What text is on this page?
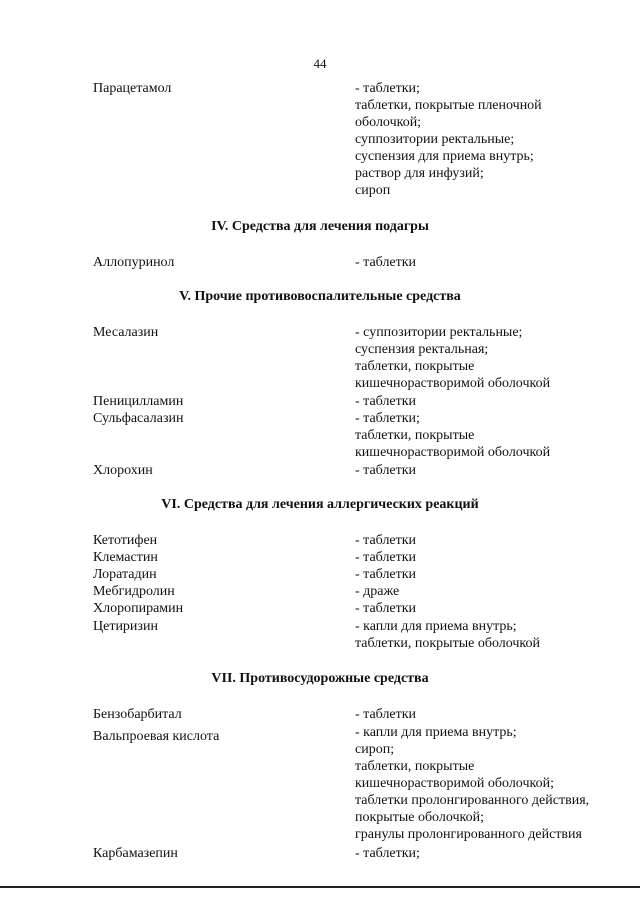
44
Парацетамол	- таблетки;
таблетки, покрытые пленочной
оболочкой;
суппозитории ректальные;
суспензия для приема внутрь;
раствор для инфузий;
сироп
IV. Средства для лечения подагры
Аллопуринол	- таблетки
V. Прочие противовоспалительные средства
Месалазин	- суппозитории ректальные;
суспензия ректальная;
таблетки, покрытые
кишечнорастворимой оболочкой
Пеницилламин	- таблетки
Сульфасалазин	- таблетки;
таблетки, покрытые
кишечнорастворимой оболочкой
Хлорохин	- таблетки
VI. Средства для лечения аллергических реакций
Кетотифен	- таблетки
Клемастин	- таблетки
Лоратадин	- таблетки
Мебгидролин	- драже
Хлоропирамин	- таблетки
Цетиризин	- капли для приема внутрь;
таблетки, покрытые оболочкой
VII. Противосудорожные средства
Бензобарбитал	- таблетки
Вальпроевая кислота	- капли для приема внутрь;
сироп;
таблетки, покрытые
кишечнорастворимой оболочкой;
таблетки пролонгированного действия,
покрытые оболочкой;
гранулы пролонгированного действия
Карбамазепин	- таблетки;
